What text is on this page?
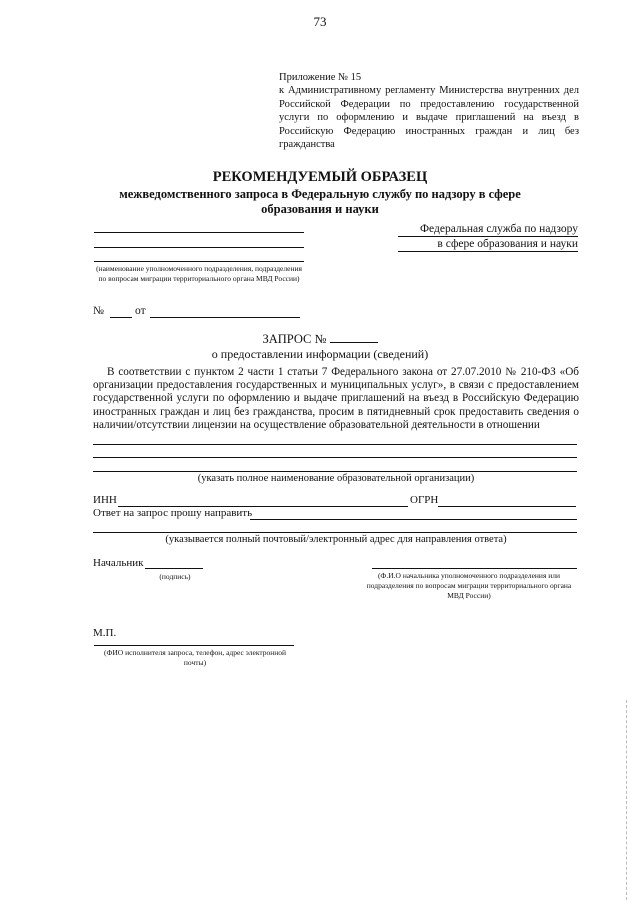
73
Приложение № 15
к Административному регламенту Министерства внутренних дел Российской Федерации по предоставлению государственной услуги по оформлению и выдаче приглашений на въезд в Российскую Федерацию иностранных граждан и лиц без гражданства
РЕКОМЕНДУЕМЫЙ ОБРАЗЕЦ
межведомственного запроса в Федеральную службу по надзору в сфере образования и науки
(наименование уполномоченного подразделения, подразделения по вопросам миграции территориального органа МВД России)
Федеральная служба по надзору
в сфере образования и науки
№	от
ЗАПРОС №
о предоставлении информации (сведений)
В соответствии с пунктом 2 части 1 статьи 7 Федерального закона от 27.07.2010 № 210-ФЗ «Об организации предоставления государственных и муниципальных услуг», в связи с предоставлением государственной услуги по оформлению и выдаче приглашений на въезд в Российскую Федерацию иностранных граждан и лиц без гражданства, просим в пятидневный срок предоставить сведения о наличии/отсутствии лицензии на осуществление образовательной деятельности в отношении
(указать полное наименование образовательной организации)
ИНН	ОГРН
Ответ на запрос прошу направить
(указывается полный почтовый/электронный адрес для направления ответа)
Начальник
(подпись)	(Ф.И.О начальника уполномоченного подразделения или подразделения по вопросам миграции территориального органа МВД России)
М.П.
(ФИО исполнителя запроса, телефон, адрес электронной почты)
